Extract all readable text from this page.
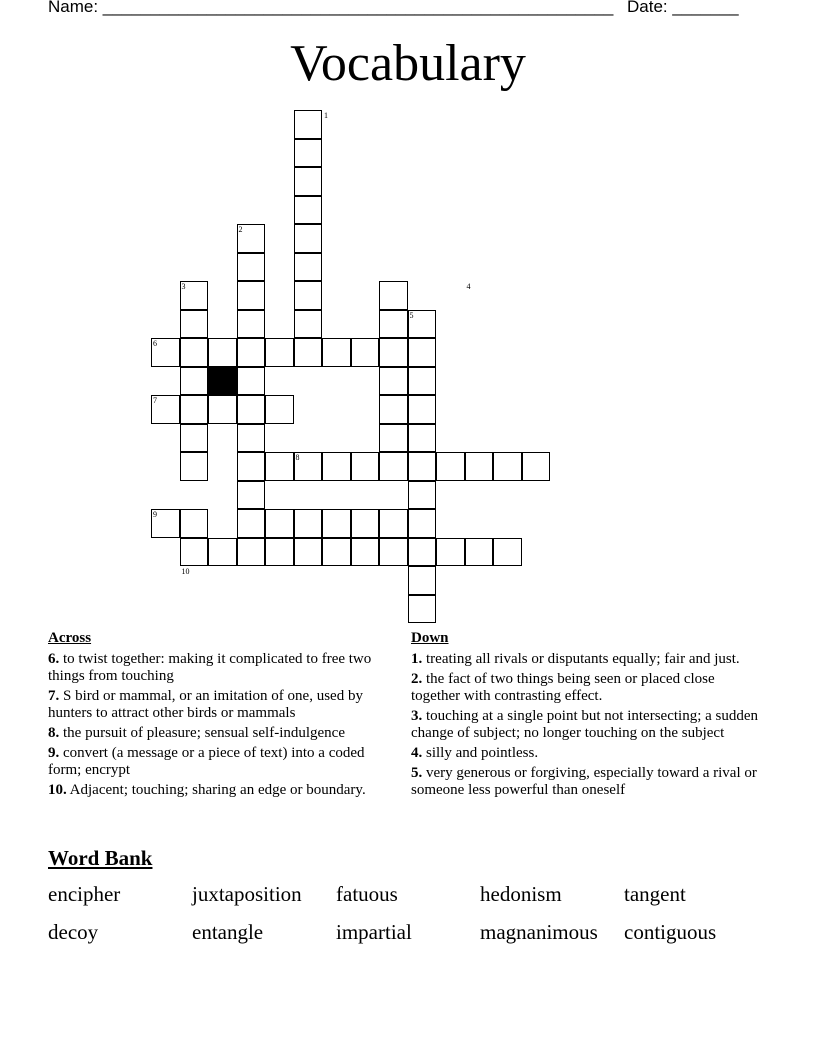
Name: ______________________________________________________ Date: _______
Vocabulary
1
2
3	4
5
6
7
8
9
10
Across
6. to twist together: making it complicated to free two things from touching
7. S bird or mammal, or an imitation of one, used by hunters to attract other birds or mammals
8. the pursuit of pleasure; sensual self-indulgence
9. convert (a message or a piece of text) into a coded form; encrypt
10. Adjacent; touching; sharing an edge or boundary.
Down
1. treating all rivals or disputants equally; fair and just.
2. the fact of two things being seen or placed close together with contrasting effect.
3. touching at a single point but not intersecting; a sudden change of subject; no longer touching on the subject
4. silly and pointless.
5. very generous or forgiving, especially toward a rival or someone less powerful than oneself
Word Bank
encipher	juxtaposition	fatuous	hedonism	tangent
decoy	entangle	impartial	magnanimous	contiguous
